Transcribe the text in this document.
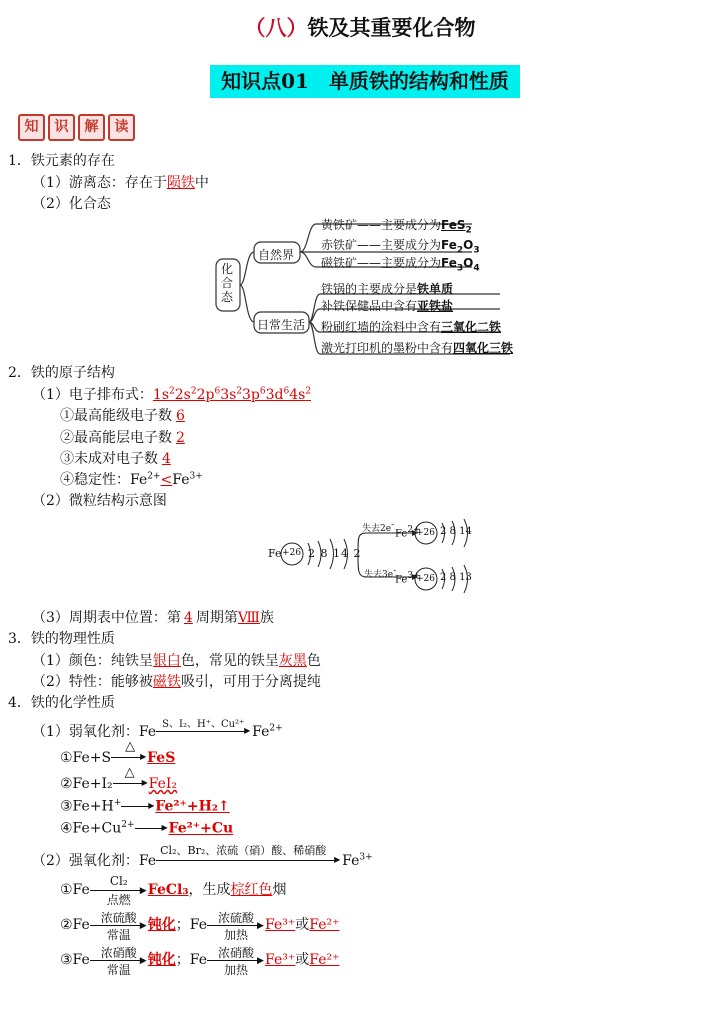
（八）铁及其重要化合物
知识点01　单质铁的结构和性质
知	识	解	读
1．铁元素的存在
（1）游离态：存在于陨铁中
（2）化合态
化合态
自然界
日常生活
黄铁矿——主要成分为FeS$_2$
赤铁矿——主要成分为$Fe_2O_3$
磁铁矿——主要成分为$Fe_3O_4$
铁锅的主要成分是铁单质
补铁保健品中含有亚铁盐
粉刷红墙的涂料中含有三氧化二铁
激光打印机的墨粉中含有四氧化三铁
2．铁的原子结构
（1）电子排布式：$1s^22s^22p^63s^23p^63d^64s^2$
①最高能级电子数 6
②最高能层电子数 2
③未成对电子数 4
④稳定性：$Fe^{2+}<Fe^{3+}$
（2）微粒结构示意图
Fe +26 2 8 14 2
失去2e-
失去3e-
Fe2+
+26 2 8 14
Fe3+
+26 2 8 13
（3）周期表中位置：第 4 周期第Ⅷ族
3．铁的物理性质
（1）颜色：纯铁呈银白色，常见的铁呈灰黑色
（2）特性：能够被磁铁吸引，可用于分离提纯
4．铁的化学性质
（1）弱氧化剂：Fe S、I₂、H⁺、Cu²⁺
▶ $Fe^{2+}$
①Fe+S
△
▶ FeS
②Fe+I₂
△
▶ FeI₂
③Fe+H+	▶ Fe²⁺+H₂↑
$④Fe+Cu^{2+}$	▶ Fe²⁺+Cu
（2）强氧化剂：Fe
Cl₂、Br₂、浓硫（硝）酸、稀硝酸
▶ $Fe^{3+}$
①Fe
Cl₂
▶
点燃
FeCl₃，生成棕红色烟
②Fe 浓硫酸
▶
常温
钝化；Fe 浓硫酸
▶
加热
Fe³⁺或Fe²⁺
③Fe 浓硝酸
▶
常温
钝化；Fe 浓硝酸
▶
加热
Fe³⁺或Fe²⁺
